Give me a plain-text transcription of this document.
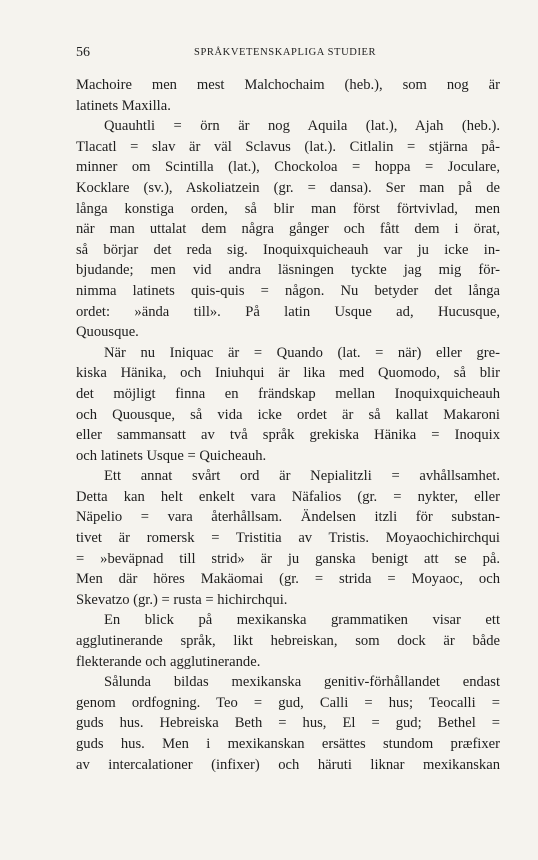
56	SPRÅKVETENSKAPLIGA STUDIER
Machoire men mest Malchochaim (heb.), som nog är
latinets Maxilla.
Quauhtli = örn är nog Aquila (lat.), Ajah (heb.).
Tlacatl = slav är väl Sclavus (lat.). Citlalin = stjärna på-
minner om Scintilla (lat.), Chockoloa = hoppa = Joculare,
Kocklare (sv.), Askoliatzein (gr. = dansa). Ser man på de
långa konstiga orden, så blir man först förtvivlad, men
när man uttalat dem några gånger och fått dem i örat,
så börjar det reda sig. Inoquixquicheauh var ju icke in-
bjudande; men vid andra läsningen tyckte jag mig för-
nimma latinets quis-quis = någon. Nu betyder det långa
ordet: »ända till». På latin Usque ad, Hucusque,
Quousque.
När nu Iniquac är = Quando (lat. = när) eller gre-
kiska Hänika, och Iniuhqui är lika med Quomodo, så blir
det möjligt finna en frändskap mellan Inoquixquicheauh
och Quousque, så vida icke ordet är så kallat Makaroni
eller sammansatt av två språk grekiska Hänika = Inoquix
och latinets Usque = Quicheauh.
Ett annat svårt ord är Nepialitzli = avhållsamhet.
Detta kan helt enkelt vara Näfalios (gr. = nykter, eller
Näpelio = vara återhållsam. Ändelsen itzli för substan-
tivet är romersk = Tristitia av Tristis. Moyaochichirchqui
= »beväpnad till strid» är ju ganska benigt att se på.
Men där höres Makäomai (gr. = strida = Moyaoc, och
Skevatzo (gr.) = rusta = hichirchqui.
En blick på mexikanska grammatiken visar ett
agglutinerande språk, likt hebreiskan, som dock är både
flekterande och agglutinerande.
Sålunda bildas mexikanska genitiv-förhållandet endast
genom ordfogning. Teo = gud, Calli = hus; Teocalli =
guds hus. Hebreiska Beth = hus, El = gud; Bethel =
guds hus. Men i mexikanskan ersättes stundom præfixer
av intercalationer (infixer) och häruti liknar mexikanskan
